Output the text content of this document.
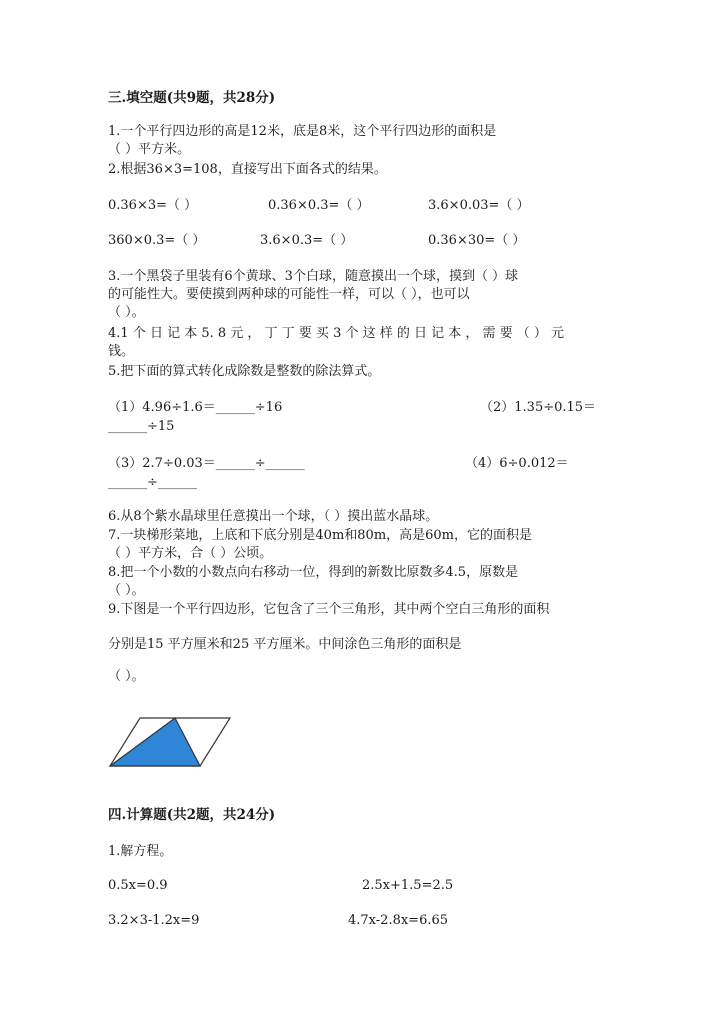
三.填空题(共9题，共28分)
1.一个平行四边形的高是12米，底是8米，这个平行四边形的面积是
（ ）平方米。
2.根据36×3=108，直接写出下面各式的结果。
0.36×3=（ ）	0.36×0.3=（ ）	3.6×0.03=（ ）
360×0.3=（ ）	3.6×0.3=（ ）	0.36×30=（ ）
3.一个黑袋子里装有6个黄球、3个白球，随意摸出一个球，摸到（ ）球
的可能性大。要使摸到两种球的可能性一样，可以（ ），也可以
（ ）。
4.1 个 日 记 本 5. 8 元 ， 丁 丁 要 买 3 个 这 样 的 日 记 本 ， 需 要 （ ） 元
钱。
5.把下面的算式转化成除数是整数的除法算式。
（1）4.96÷1.6＝______÷16	（2）1.35÷0.15＝
______÷15
（3）2.7÷0.03＝______÷______	（4）6÷0.012＝
______÷______
6.从8个紫水晶球里任意摸出一个球，（ ）摸出蓝水晶球。
7.一块梯形菜地，上底和下底分别是40m和80m，高是60m，它的面积是
（ ）平方米，合（ ）公顷。
8.把一个小数的小数点向右移动一位，得到的新数比原数多4.5，原数是
（ ）。
9.下图是一个平行四边形，它包含了三个三角形，其中两个空白三角形的面积
分别是15 平方厘米和25 平方厘米。中间涂色三角形的面积是
（ ）。
四.计算题(共2题，共24分)
1.解方程。
0.5x=0.9	2.5x+1.5=2.5
3.2×3-1.2x=9	4.7x-2.8x=6.65
